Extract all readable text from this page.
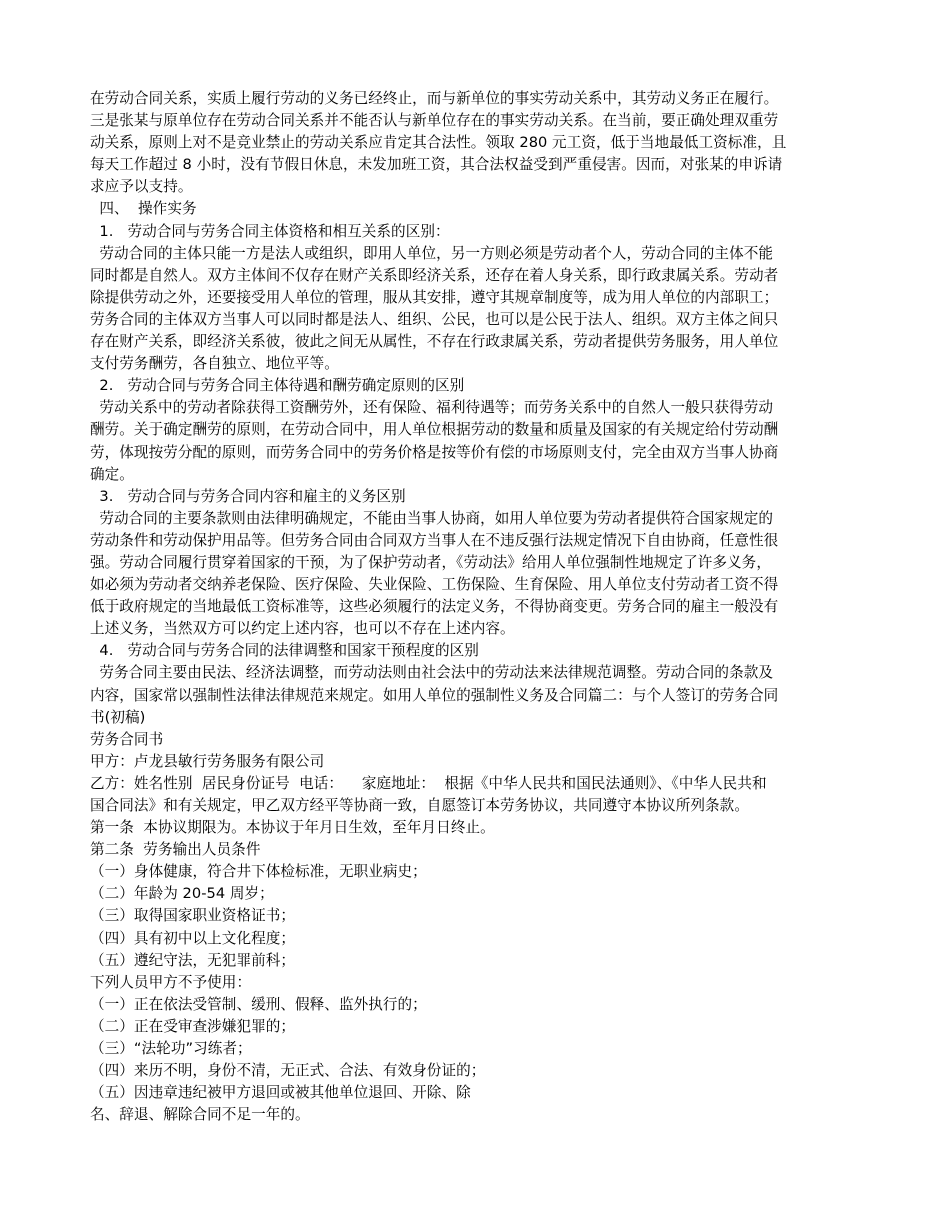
在劳动合同关系，实质上履行劳动的义务已经终止，而与新单位的事实劳动关系中，其劳动义务正在履行。
三是张某与原单位存在劳动合同关系并不能否认与新单位存在的事实劳动关系。在当前，要正确处理双重劳
动关系，原则上对不是竞业禁止的劳动关系应肯定其合法性。领取 280 元工资，低于当地最低工资标准，且
每天工作超过 8 小时，没有节假日休息，未发加班工资，其合法权益受到严重侵害。因而，对张某的申诉请
求应予以支持。
四、  操作实务
1.   劳动合同与劳务合同主体资格和相互关系的区别：
劳动合同的主体只能一方是法人或组织，即用人单位，另一方则必须是劳动者个人，劳动合同的主体不能
同时都是自然人。双方主体间不仅存在财产关系即经济关系，还存在着人身关系，即行政隶属关系。劳动者
除提供劳动之外，还要接受用人单位的管理，服从其安排，遵守其规章制度等，成为用人单位的内部职工；
劳务合同的主体双方当事人可以同时都是法人、组织、公民，也可以是公民于法人、组织。双方主体之间只
存在财产关系，即经济关系彼，彼此之间无从属性，不存在行政隶属关系，劳动者提供劳务服务，用人单位
支付劳务酬劳，各自独立、地位平等。
2.   劳动合同与劳务合同主体待遇和酬劳确定原则的区别
劳动关系中的劳动者除获得工资酬劳外，还有保险、福利待遇等；而劳务关系中的自然人一般只获得劳动
酬劳。关于确定酬劳的原则，在劳动合同中，用人单位根据劳动的数量和质量及国家的有关规定给付劳动酬
劳，体现按劳分配的原则，而劳务合同中的劳务价格是按等价有偿的市场原则支付，完全由双方当事人协商
确定。
3.   劳动合同与劳务合同内容和雇主的义务区别
劳动合同的主要条款则由法律明确规定，不能由当事人协商，如用人单位要为劳动者提供符合国家规定的
劳动条件和劳动保护用品等。但劳务合同由合同双方当事人在不违反强行法规定情况下自由协商，任意性很
强。劳动合同履行贯穿着国家的干预，为了保护劳动者，《劳动法》给用人单位强制性地规定了许多义务，
如必须为劳动者交纳养老保险、医疗保险、失业保险、工伤保险、生育保险、用人单位支付劳动者工资不得
低于政府规定的当地最低工资标准等，这些必须履行的法定义务，不得协商变更。劳务合同的雇主一般没有
上述义务，当然双方可以约定上述内容，也可以不存在上述内容。
4.   劳动合同与劳务合同的法律调整和国家干预程度的区别
劳务合同主要由民法、经济法调整，而劳动法则由社会法中的劳动法来法律规范调整。劳动合同的条款及
内容，国家常以强制性法律法律规范来规定。如用人单位的强制性义务及合同篇二：与个人签订的劳务合同
书(初稿)
劳务合同书
甲方：卢龙县敏行劳务服务有限公司
乙方：姓名性别  居民身份证号  电话：    家庭地址：  根据《中华人民共和国民法通则》、《中华人民共和
国合同法》和有关规定，甲乙双方经平等协商一致，自愿签订本劳务协议，共同遵守本协议所列条款。
第一条  本协议期限为。本协议于年月日生效，至年月日终止。
第二条  劳务输出人员条件
（一）身体健康，符合井下体检标准，无职业病史；
（二）年龄为 20-54 周岁；
（三）取得国家职业资格证书；
（四）具有初中以上文化程度；
（五）遵纪守法，无犯罪前科；
下列人员甲方不予使用：
（一）正在依法受管制、缓刑、假释、监外执行的；
（二）正在受审查涉嫌犯罪的；
（三）“法轮功”习练者；
（四）来历不明，身份不清，无正式、合法、有效身份证的；
（五）因违章违纪被甲方退回或被其他单位退回、开除、除
名、辞退、解除合同不足一年的。
